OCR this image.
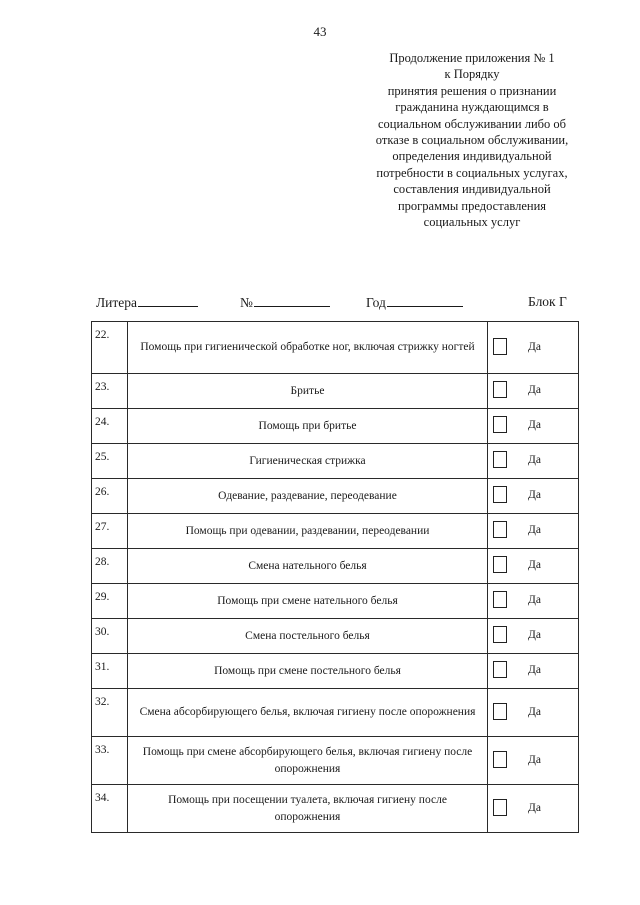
43
Продолжение приложения № 1
к Порядку
принятия решения о признании
гражданина нуждающимся в
социальном обслуживании либо об
отказе в социальном обслуживании,
определения индивидуальной
потребности в социальных услугах,
составления индивидуальной
программы предоставления
социальных услуг
Литера	№	Год	Блок Г
22.	Помощь при гигиенической обработке ног, включая стрижку ногтей	Да

23.	Бритье	Да

24.	Помощь при бритье	Да

25.	Гигиеническая стрижка	Да

26.	Одевание, раздевание, переодевание	Да

27.	Помощь при одевании, раздевании, переодевании	Да

28.	Смена нательного белья	Да

29.	Помощь при смене нательного белья	Да

30.	Смена постельного белья	Да

31.	Помощь при смене постельного белья	Да

32.	Смена абсорбирующего белья, включая гигиену после опорожнения	Да

33.	Помощь при смене абсорбирующего белья, включая гигиену после опорожнения	Да

34.	Помощь при посещении туалета, включая гигиену после опорожнения	Да
